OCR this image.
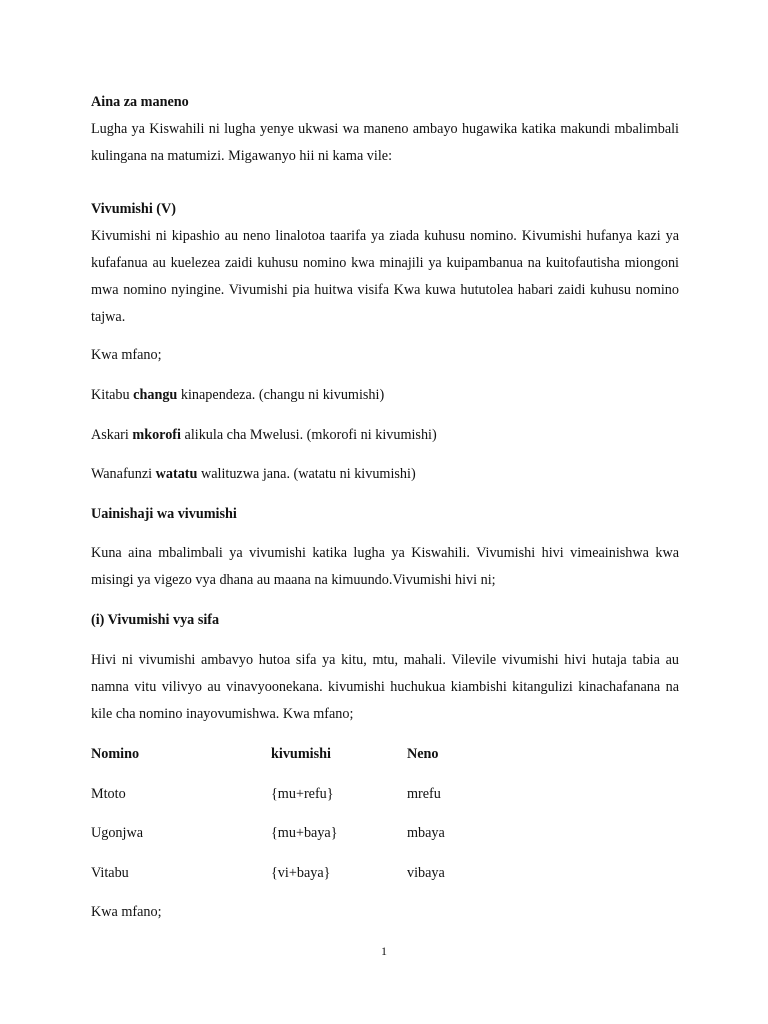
Aina za maneno
Lugha ya Kiswahili ni lugha yenye ukwasi wa maneno ambayo hugawika katika makundi mbalimbali kulingana na matumizi. Migawanyo hii ni kama vile:
Vivumishi (V)
Kivumishi ni kipashio au neno linalotoa taarifa ya ziada kuhusu nomino. Kivumishi hufanya kazi ya kufafanua au kuelezea zaidi kuhusu nomino kwa minajili ya kuipambanua na kuitofautisha miongoni mwa nomino nyingine. Vivumishi pia huitwa visifa Kwa kuwa hututolea habari zaidi kuhusu nomino tajwa.
Kwa mfano;
Kitabu changu kinapendeza. (changu ni kivumishi)
Askari mkorofi alikula cha Mwelusi. (mkorofi ni kivumishi)
Wanafunzi watatu walituzwa jana. (watatu ni kivumishi)
Uainishaji wa vivumishi
Kuna aina mbalimbali ya vivumishi katika lugha ya Kiswahili. Vivumishi hivi vimeainishwa kwa misingi ya vigezo vya dhana au maana na kimuundo.Vivumishi hivi ni;
(i) Vivumishi vya sifa
Hivi ni vivumishi ambavyo hutoa sifa ya kitu, mtu, mahali. Vilevile vivumishi hivi hutaja tabia au namna vitu vilivyo au vinavyoonekana. kivumishi huchukua kiambishi kitangulizi kinachafanana na kile cha nomino inayovumishwa. Kwa mfano;
Nomino	kivumishi	Neno
Mtoto	{mu+refu}	mrefu
Ugonjwa	{mu+baya}	mbaya
Vitabu	{vi+baya}	vibaya
Kwa mfano;
1
